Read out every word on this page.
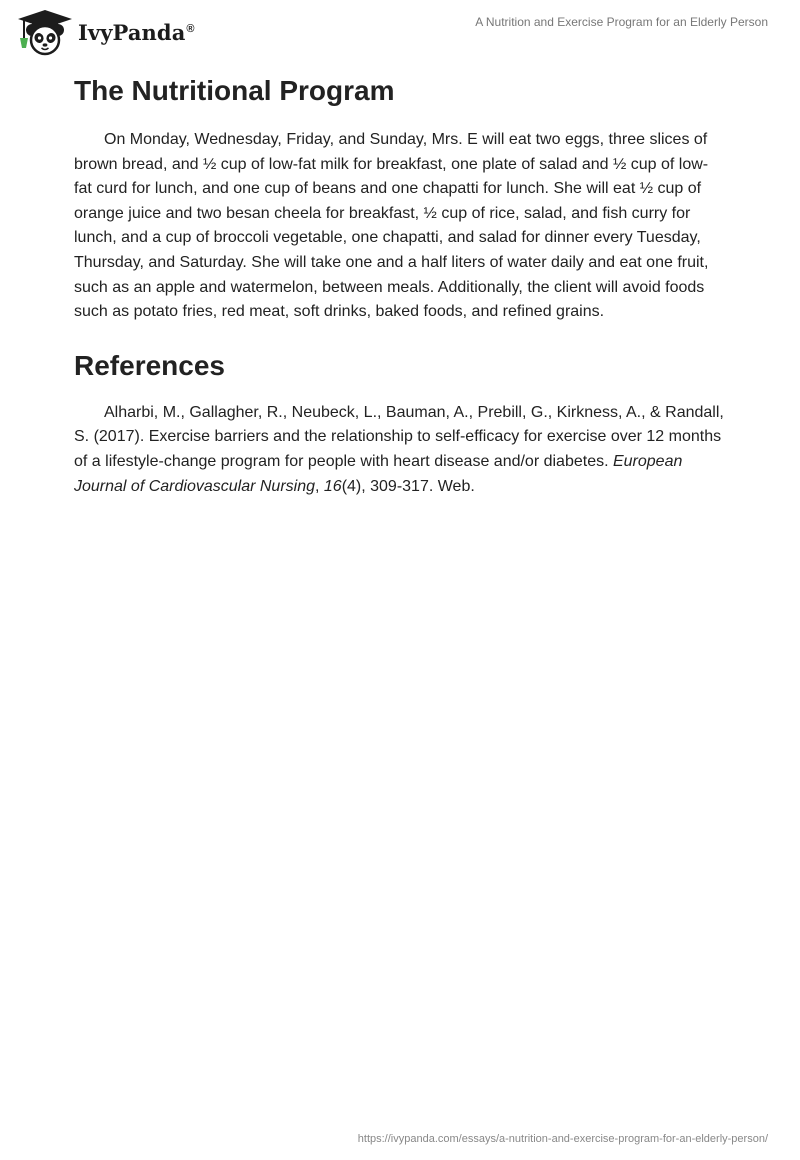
IvyPanda®	A Nutrition and Exercise Program for an Elderly Person
The Nutritional Program

On Monday, Wednesday, Friday, and Sunday, Mrs. E will eat two eggs, three slices of brown bread, and ½ cup of low-fat milk for breakfast, one plate of salad and ½ cup of low-fat curd for lunch, and one cup of beans and one chapatti for lunch. She will eat ½ cup of orange juice and two besan cheela for breakfast, ½ cup of rice, salad, and fish curry for lunch, and a cup of broccoli vegetable, one chapatti, and salad for dinner every Tuesday, Thursday, and Saturday. She will take one and a half liters of water daily and eat one fruit, such as an apple and watermelon, between meals. Additionally, the client will avoid foods such as potato fries, red meat, soft drinks, baked foods, and refined grains.

References

Alharbi, M., Gallagher, R., Neubeck, L., Bauman, A., Prebill, G., Kirkness, A., & Randall, S. (2017). Exercise barriers and the relationship to self-efficacy for exercise over 12 months of a lifestyle-change program for people with heart disease and/or diabetes. European Journal of Cardiovascular Nursing, 16(4), 309-317. Web.

https://ivypanda.com/essays/a-nutrition-and-exercise-program-for-an-elderly-person/
